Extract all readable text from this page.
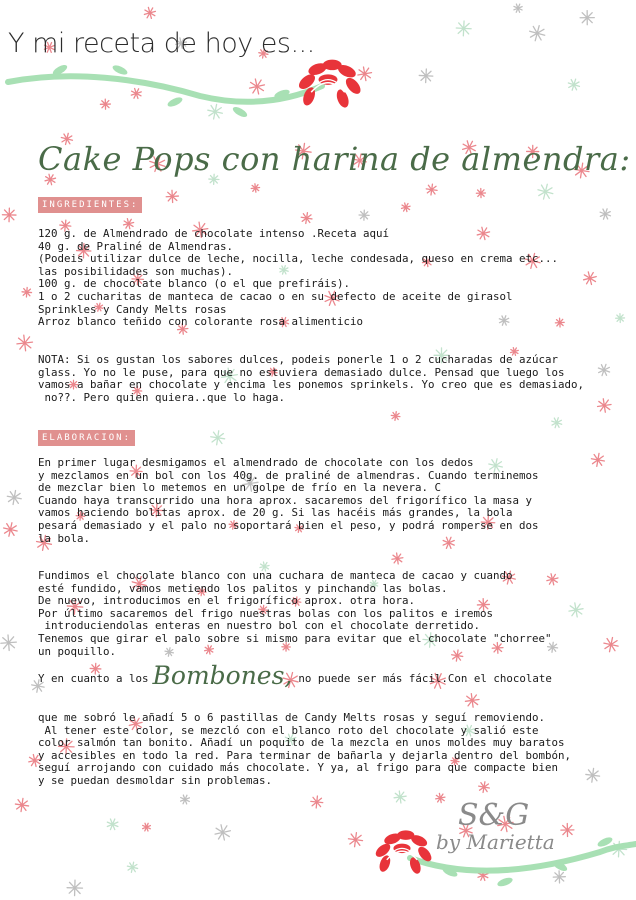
Y mi receta de hoy es...
Cake Pops con harina de almendra:
INGREDIENTES:
120 g. de Almendrado de chocolate intenso .Receta aquí
40 g. de Praliné de Almendras.
(Podeis utilizar dulce de leche, nocilla, leche condesada, queso en crema etc...
las posibilidades son muchas).
100 g. de chocolate blanco (o el que prefiráis).
1 o 2 cucharitas de manteca de cacao o en su defecto de aceite de girasol
Sprinkles y Candy Melts rosas
Arroz blanco teñido con colorante rosa alimenticio
NOTA: Si os gustan los sabores dulces, podeis ponerle 1 o 2 cucharadas de azúcar
glass. Yo no le puse, para que no estuviera demasiado dulce. Pensad que luego los
vamos a bañar en chocolate y encima les ponemos sprinkels. Yo creo que es demasiado,
no??. Pero quien quiera..que lo haga.
ELABORACION:
En primer lugar desmigamos el almendrado de chocolate con los dedos
y mezclamos en un bol con los 40g. de praliné de almendras. Cuando terminemos
de mezclar bien lo metemos en un golpe de frío en la nevera. C
Cuando haya transcurrido una hora aprox. sacaremos del frigorífico la masa y
vamos haciendo bolitas aprox. de 20 g. Si las hacéis más grandes, la bola
pesará demasiado y el palo no soportará bien el peso, y podrá romperse en dos
la bola.
Fundimos el chocolate blanco con una cuchara de manteca de cacao y cuando
esté fundido, vamos metiendo los palitos y pinchando las bolas.
De nuevo, introducimos en el frigorífico aprox. otra hora.
Por último sacaremos del frigo nuestras bolas con los palitos e iremos
introduciendolas enteras en nuestro bol con el chocolate derretido.
Tenemos que girar el palo sobre si mismo para evitar que el chocolate "chorree"
un poquillo.
Y en cuanto a los Bombones, no puede ser más fácil.Con el chocolate
que me sobró le añadí 5 o 6 pastillas de Candy Melts rosas y seguí removiendo.
Al tener este color, se mezcló con el blanco roto del chocolate y salió este
color salmón tan bonito. Añadí un poquito de la mezcla en unos moldes muy baratos
y accesibles en todo la red. Para terminar de bañarla y dejarla dentro del bombón,
seguí arrojando con cuidado más chocolate. Y ya, al frigo para que compacte bien
y se puedan desmoldar sin problemas.
S&G
by Marietta
